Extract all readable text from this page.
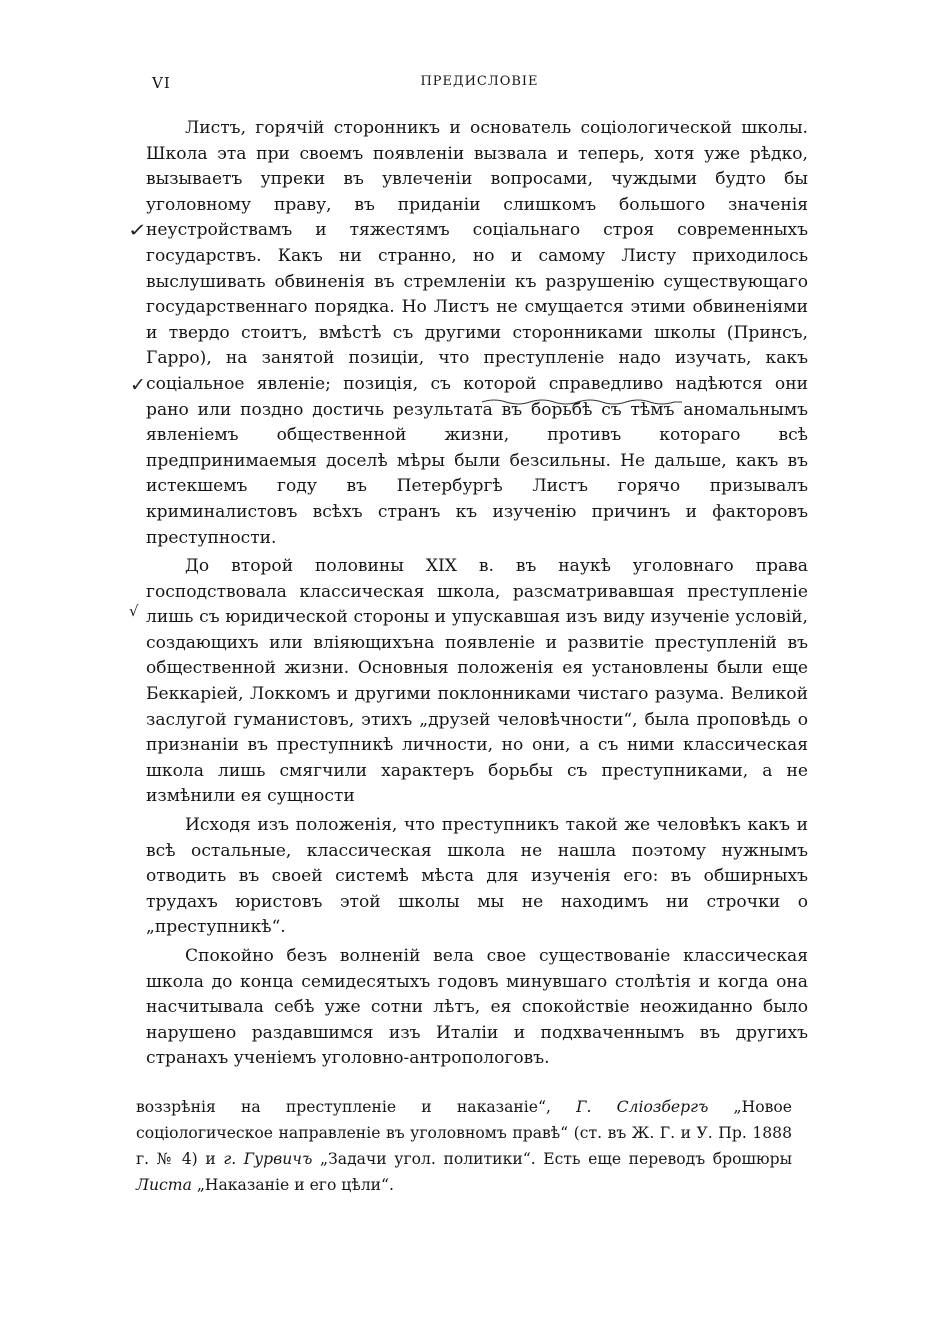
VI	ПРЕДИСЛОВІЕ
✓
✓
√

Листъ, горячій сторонникъ и основатель соціологической школы. Школа эта при своемъ появленіи вызвала и теперь, хотя уже рѣдко, вызываетъ упреки въ увлеченіи вопросами, чуждыми будто бы уголовному праву, въ приданіи слишкомъ большого значенія неустройствамъ и тяжестямъ соціальнаго строя современныхъ государствъ. Какъ ни странно, но и самому Листу приходилось выслушивать обвиненія въ стремленіи къ разрушенію существующаго государственнаго порядка. Но Листъ не смущается этими обвиненіями и твердо стоитъ, вмѣстѣ съ другими сторонниками школы (Принсъ, Гарро), на занятой позиціи, что преступленіе надо изучать, какъ соціальное явленіе; позиція, съ которой справедливо надѣются они рано или поздно достичь результата въ борьбѣ съ тѣмъ аномальнымъ явленіемъ общественной жизни, противъ котораго всѣ предпринимаемыя доселѣ мѣры были безсильны. Не дальше, какъ въ истекшемъ году въ Петербургѣ Листъ горячо призывалъ криминалистовъ всѣхъ странъ къ изученію причинъ и факторовъ преступности.

До второй половины XIX в. въ наукѣ уголовнаго права господствовала классическая школа, разсматривавшая преступленіе лишь съ юридической стороны и упускавшая изъ виду изученіе условій, создающихъ или вліяющихъна появленіе и развитіе преступленій въ общественной жизни. Основныя положенія ея установлены были еще Беккаріей, Локкомъ и другими поклонниками чистаго разума. Великой заслугой гуманистовъ, этихъ „друзей человѣчности“, была проповѣдь о признаніи въ преступникѣ личности, но они, а съ ними классическая школа лишь смягчили характеръ борьбы съ преступниками, а не измѣнили ея сущности

Исходя изъ положенія, что преступникъ такой же человѣкъ какъ и всѣ остальные, классическая школа не нашла поэтому нужнымъ отводить въ своей системѣ мѣста для изученія его: въ обширныхъ трудахъ юристовъ этой школы мы не находимъ ни строчки о „преступникѣ“.

Спокойно безъ волненій вела свое существованіе классическая школа до конца семидесятыхъ годовъ минувшаго столѣтія и когда она насчитывала себѣ уже сотни лѣтъ, ея спокойствіе неожиданно было нарушено раздавшимся изъ Италіи и подхваченнымъ въ другихъ странахъ ученіемъ уголовно-антропологовъ.

воззрѣнія на преступленіе и наказаніе“, Г. Сліозбергъ „Новое соціологическое направленіе въ уголовномъ правѣ“ (ст. въ Ж. Г. и У. Пр. 1888 г. № 4) и г. Гурвичъ „Задачи угол. политики“. Есть еще переводъ брошюры Листа „Наказаніе и его цѣли“.
